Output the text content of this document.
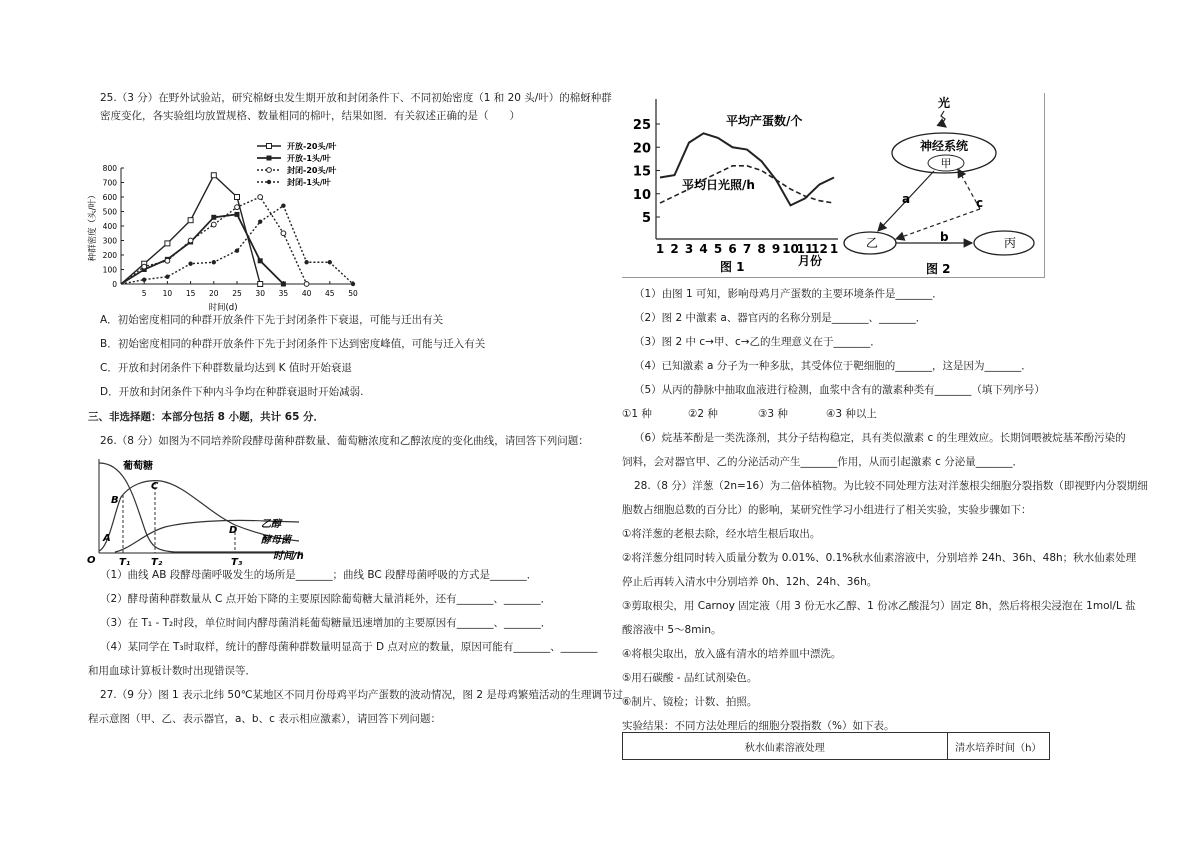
25.（3 分）在野外试验站，研究棉蚜虫发生期开放和封闭条件下、不同初始密度（1 和 20 头/叶）的棉蚜种群

密度变化，各实验组均放置规格、数量相同的棉叶，结果如图．有关叙述正确的是（　　）

A．初始密度相同的种群开放条件下先于封闭条件下衰退，可能与迁出有关

B．初始密度相同的种群开放条件下先于封闭条件下达到密度峰值，可能与迁入有关

C．开放和封闭条件下种群数量均达到 K 值时开始衰退

D．开放和封闭条件下种内斗争均在种群衰退时开始减弱.

三、非选择题：本部分包括 8 小题，共计 65 分．

26.（8 分）如图为不同培养阶段酵母菌种群数量、葡萄糖浓度和乙醇浓度的变化曲线，请回答下列问题：

（1）曲线 AB 段酵母菌呼吸发生的场所是_______；曲线 BC 段酵母菌呼吸的方式是_______．

（2）酵母菌种群数量从 C 点开始下降的主要原因除葡萄糖大量消耗外，还有_______、_______．

（3）在 T₁ - T₂时段，单位时间内酵母菌消耗葡萄糖量迅速增加的主要原因有_______、_______．

（4）某同学在 T₃时取样，统计的酵母菌种群数量明显高于 D 点对应的数量，原因可能有_______、_______

和用血球计算板计数时出现错误等．

27.（9 分）图 1 表示北纬 50℃某地区不同月份母鸡平均产蛋数的波动情况，图 2 是母鸡繁殖活动的生理调节过

程示意图（甲、乙、表示器官，a、b、c 表示相应激素），请回答下列问题：

种群密度（头/叶）
0
100
200
300
400
500
600
700
800
5 10 15 20 25 30 35 40 45 50
时间(d)
开放-20头/叶
开放-1头/叶
封闭-20头/叶
封闭-1头/叶
葡萄糖
乙醇
酵母菌
O
A
B
C
D
T₁ T₂	T₃
时间/h
5
10
15
20
25
1 2 3 4 5 6 7 8 9 10
11
12 1
平均产蛋数/个
平均日光照/h
图 1	月份
光
神经系统
甲
乙	丙
a
b
c
图 2

（1）由图 1 可知，影响母鸡月产蛋数的主要环境条件是_______．

（2）图 2 中激素 a、器官丙的名称分别是_______、_______．

（3）图 2 中 c→甲、c→乙的生理意义在于_______．

（4）已知激素 a 分子为一种多肽，其受体位于靶细胞的_______，这是因为_______．

（5）从丙的静脉中抽取血液进行检测，血浆中含有的激素种类有_______（填下列序号）

①1 种	②2 种	③3 种	④3 种以上

（6）烷基苯酚是一类洗涤剂，其分子结构稳定，具有类似激素 c 的生理效应。长期饲喂被烷基苯酚污染的

饲料，会对器官甲、乙的分泌活动产生_______作用，从而引起激素 c 分泌量_______．

28.（8 分）洋葱（2n=16）为二倍体植物。为比较不同处理方法对洋葱根尖细胞分裂指数（即视野内分裂期细

胞数占细胞总数的百分比）的影响，某研究性学习小组进行了相关实验，实验步骤如下：

①将洋葱的老根去除，经水培生根后取出。

②将洋葱分组同时转入质量分数为 0.01%、0.1%秋水仙素溶液中，分别培养 24h、36h、48h；秋水仙素处理

停止后再转入清水中分别培养 0h、12h、24h、36h。

③剪取根尖，用 Carnoy 固定液（用 3 份无水乙醇、1 份冰乙酸混匀）固定 8h，然后将根尖浸泡在 1mol/L 盐

酸溶液中 5～8min。

④将根尖取出，放入盛有清水的培养皿中漂洗。

⑤用石碳酸 - 品红试剂染色。

⑥制片、镜检；计数、拍照。

实验结果：不同方法处理后的细胞分裂指数（%）如下表。

秋水仙素溶液处理	清水培养时间（h）
